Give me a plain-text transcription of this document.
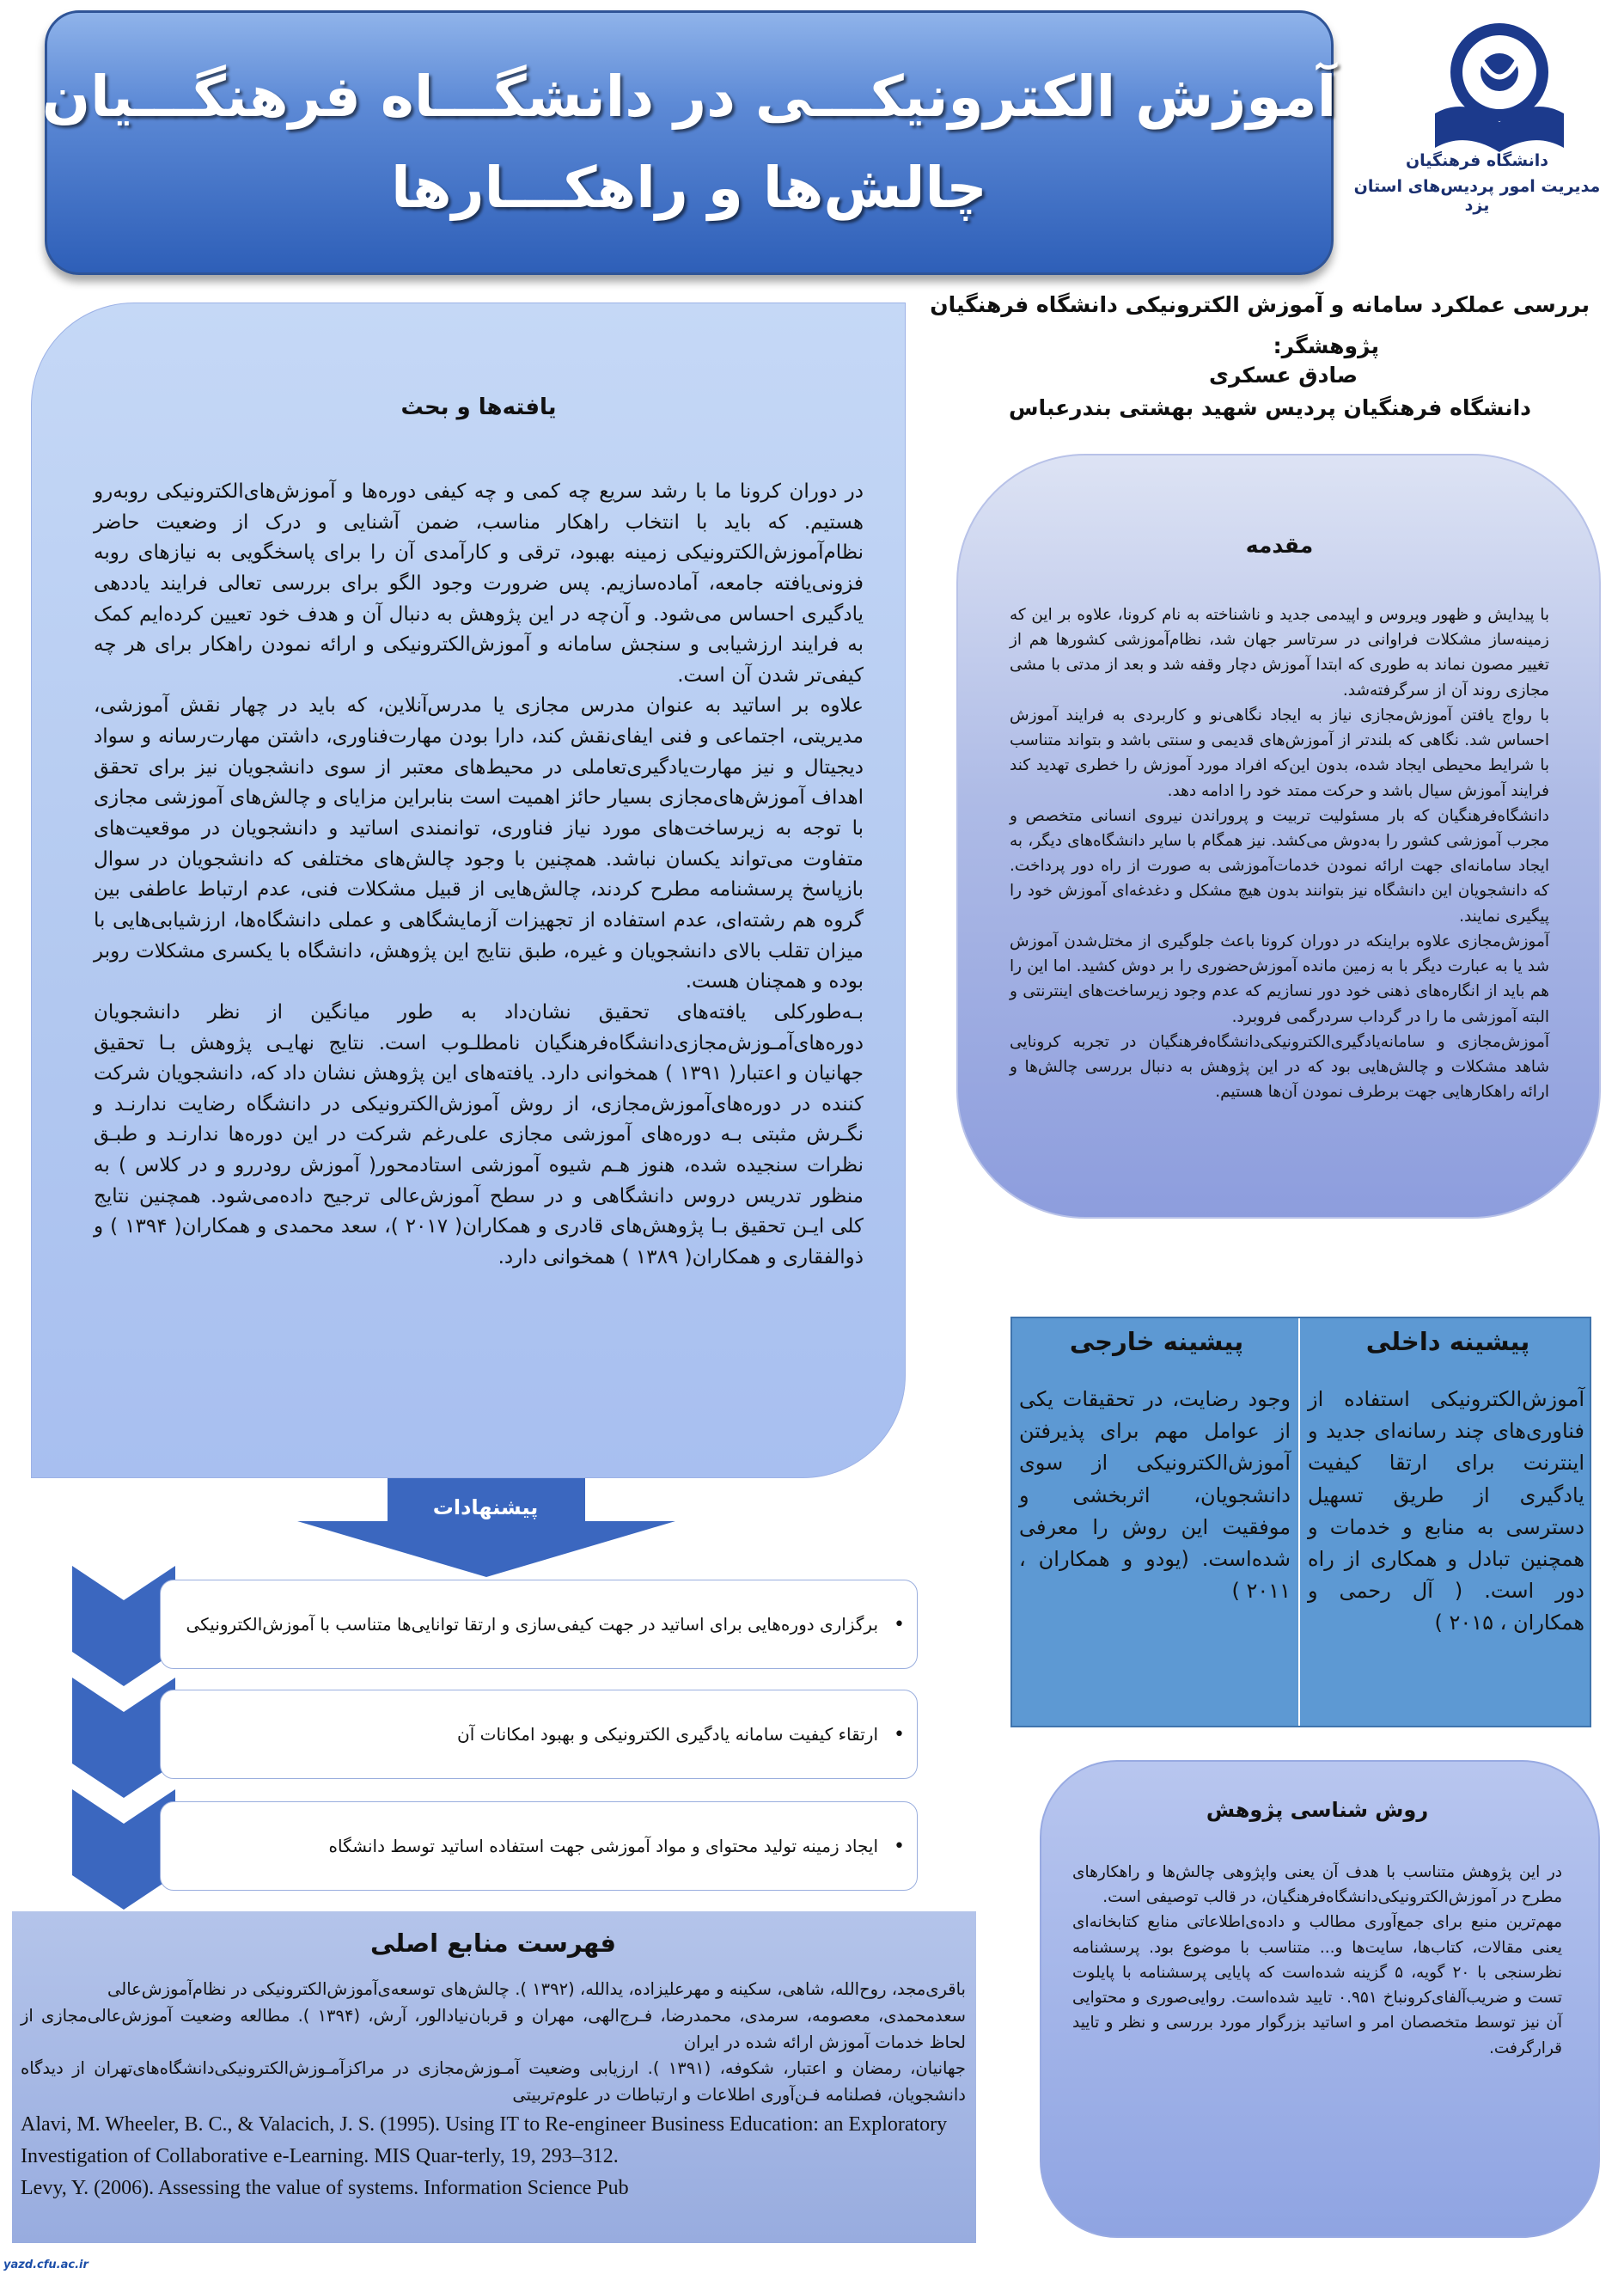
آموزش الکترونیکـــی در دانشگـــاه فرهنگـــیان
چالش‌ها و راهکـــارها	دانشگاه فرهنگیان
مدیریت امور پردیس‌های استان یزد
بررسی عملکرد سامانه و آموزش الکترونیکی دانشگاه فرهنگیان
پژوهشگر:
صادق عسکری
دانشگاه فرهنگیان پردیس شهید بهشتی بندرعباس
مقدمه

با پیدایش و ظهور ویروس و اپیدمی جدید و ناشناخته به نام کرونا، علاوه بر این که زمینه‌ساز مشکلات فراوانی در سرتاسر جهان شد، نظام‌آموزشی کشورها هم از تغییر مصون نماند به طوری که ابتدا آموزش دچار وقفه شد و بعد از مدتی با مشی مجازی روند آن از سرگرفته‌شد.

با رواج یافتن آموزش‌مجازی نیاز به ایجاد نگاهی‌نو و کاربردی به فرایند آموزش احساس شد. نگاهی که بلندتر از آموزش‌های قدیمی و سنتی باشد و بتواند متناسب با شرایط محیطی ایجاد شده، بدون این‌که افراد مورد آموزش را خطری تهدید کند فرایند آموزش سیال باشد و حرکت ممتد خود را ادامه دهد.

دانشگاه‌فرهنگیان که بار مسئولیت تربیت و پروراندن نیروی انسانی متخصص و مجرب آموزشی کشور را به‌دوش می‌کشد. نیز همگام با سایر دانشگاه‌های دیگر، به ایجاد سامانه‌ای جهت ارائه نمودن خدمات‌آموزشی به صورت از راه دور پرداخت. که دانشجویان این دانشگاه نیز بتوانند بدون هیچ مشکل و دغدغه‌ای آموزش خود را پیگیری نمایند.

آموزش‌مجازی علاوه براینکه در دوران کرونا باعث جلوگیری از مختل‌شدن آموزش شد یا به عبارت دیگر با به زمین مانده آموزش‌حضوری را بر دوش کشید. اما این را هم باید از انگاره‌های ذهنی خود دور نسازیم که عدم وجود زیرساخت‌های اینترنتی و البته آموزشی ما را در گرداب سردرگمی فروبرد.

آموزش‌مجازی و سامانه‌یادگیری‌الکترونیکی‌دانشگاه‌فرهنگیان در تجربه کرونایی شاهد مشکلات و چالش‌هایی بود که در این پژوهش به دنبال بررسی چالش‌ها و ارائه راهکارهایی جهت برطرف نمودن آن‌ها هستیم.

یافته‌ها و بحث

در دوران کرونا ما با رشد سریع چه کمی و چه کیفی دوره‌ها و آموزش‌های‌الکترونیکی روبه‌رو هستیم. که باید با انتخاب راهکار مناسب، ضمن آشنایی و درک از وضعیت حاضر نظام‌آموزش‌الکترونیکی زمینه بهبود، ترقی و کارآمدی آن را برای پاسخگویی به نیازهای روبه فزونی‌یافته جامعه، آماده‌سازیم. پس ضرورت وجود الگو برای بررسی تعالی فرایند یاددهی یادگیری احساس می‌شود. و آن‌چه در این پژوهش به دنبال آن و هدف خود تعیین کرده‌ایم کمک به فرایند ارزشیابی و سنجش سامانه و آموزش‌الکترونیکی و ارائه نمودن راهکار برای هر چه کیفی‌تر شدن آن است.

علاوه بر اساتید به عنوان مدرس مجازی یا مدرس‌آنلاین، که باید در چهار نقش آموزشی، مدیریتی، اجتماعی و فنی ایفای‌نقش کند، دارا بودن مهارت‌فناوری، داشتن مهارت‌رسانه و سواد دیجیتال و نیز مهارت‌یادگیری‌تعاملی در محیط‌های معتبر از سوی دانشجویان نیز برای تحقق اهداف آموزش‌های‌مجازی بسیار حائز اهمیت است بنابراین مزایای و چالش‌های آموزشی مجازی با توجه به زیرساخت‌های مورد نیاز فناوری، توانمندی اساتید و دانشجویان در موقعیت‌های متفاوت می‌تواند یکسان نباشد. همچنین با وجود چالش‌های مختلفی که دانشجویان در سوال بازپاسخ پرسشنامه مطرح کردند، چالش‌هایی از قبیل مشکلات فنی، عدم ارتباط عاطفی بین گروه هم رشته‌ای، عدم استفاده از تجهیزات آزمایشگاهی و عملی دانشگاه‌ها، ارزشیابی‌هایی با میزان تقلب بالای دانشجویان و غیره، طبق نتایج این پژوهش، دانشگاه با یکسری مشکلات روبر بوده و همچنان هست.

بـه‌طورکلی یافته‌های تحقیق نشان‌داد به طور میانگین از نظر دانشجویان دوره‌های‌آمـوزش‌مجازی‌دانشگاه‌فرهنگیان نامطلـوب است. نتایج نهایـی پژوهش بـا تحقیق جهانیان و اعتبار( ۱۳۹۱ ) همخوانی دارد. یافته‌های این پژوهش نشان داد که، دانشجویان شرکت کننده در دوره‌های‌آموزش‌مجازی، از روش آموزش‌الکترونیکی در دانشگاه رضایت ندارنـد و نگـرش مثبتی بـه دوره‌های آموزشی مجازی علی‌رغم شرکت در این دوره‌ها ندارنـد و طبـق نظرات سنجیده شده، هنوز هـم شیوه آموزشی استادمحور( آموزش رودررو و در کلاس ) به منظور تدریس دروس دانشگاهی و در سطح آموزش‌عالی ترجیح داده‌می‌شود. همچنین نتایج کلی ایـن تحقیق بـا پژوهش‌های قادری و همکاران( ۲۰۱۷ )، سعد محمدی و همکاران( ۱۳۹۴ ) و ذوالفقاری و همکاران( ۱۳۸۹ ) همخوانی دارد.

پیشنهادات
•
برگزاری دوره‌هایی برای اساتید در جهت کیفی‌سازی و ارتقا توانایی‌ها متناسب با آموزش‌الکترونیکی
•
ارتقاء کیفیت سامانه یادگیری الکترونیکی و بهبود امکانات آن
•
ایجاد زمینه تولید محتوای و مواد آموزشی جهت استفاده اساتید توسط دانشگاه
فهرست منابع اصلی

باقری‌مجد، روح‌الله، شاهی، سکینه و مهرعلیزاده، یدالله، (۱۳۹۲ ). چالش‌های توسعه‌ی‌آموزش‌الکترونیکی در نظام‌آموزش‌عالی

سعدمحمدی، معصومه، سرمدی، محمدرضا، فـرج‌الهی، مهران و قربان‌نیادالور، آرش، (۱۳۹۴ ). مطالعه وضعیت آموزش‌عالی‌مجازی از لحاظ خدمات آموزش ارائه شده در ایران

جهانیان، رمضان و اعتبار، شکوفه، (۱۳۹۱ ). ارزیابی وضعیت آمـوزش‌مجازی در مراکزآمـوزش‌الکترونیکی‌دانشگاه‌های‌تهران از دیدگاه دانشجویان، فصلنامه فـن‌آوری اطلاعات و ارتباطات در علوم‌تربیتی

Alavi, M. Wheeler, B. C., & Valacich, J. S. (1995). Using IT to Re-engineer Business Education: an Exploratory Investigation of Collaborative e-Learning. MIS Quar-terly, 19, 293–312.

Levy, Y. (2006). Assessing the value of systems. Information Science Pub

پیشینه داخلی
پیشینه خارجی
آموزش‌الکترونیکی استفاده از فناوری‌های چند رسانه‌ای جدید و اینترنت برای ارتقا کیفیت یادگیری از طریق تسهیل دسترسی به منابع و خدمات و همچنین تبادل و همکاری از راه دور است. ( آل رحمی و همکاران ، ۲۰۱۵ )
وجود رضایت، در تحقیقات یکی از عوامل مهم برای پذیرفتن آموزش‌الکترونیکی از سوی دانشجویان، اثربخشی و موفقیت این روش را معرفی شده‌است. (یودو و همکاران ، ۲۰۱۱ )
روش شناسی پژوهش

در این پژوهش متناسب با هدف آن یعنی واپژوهی چالش‌ها و راهکارهای مطرح در آموزش‌الکترونیکی‌دانشگاه‌فرهنگیان، در قالب توصیفی است.

مهم‌ترین منبع برای جمع‌آوری مطالب و داده‌ی‌اطلاعاتی منابع کتابخانه‌ای یعنی مقالات، کتاب‌ها، سایت‌ها و... متناسب با موضوع بود. پرسشنامه نظرسنجی با ۲۰ گویه، ۵ گزینه شده‌است که پایایی پرسشنامه با پایلوت تست و ضریب‌آلفای‌کرونباخ ۰.۹۵۱ تایید شده‌است. روایی‌صوری و محتوایی آن نیز توسط متخصصان امر و اساتید بزرگوار مورد بررسی و نظر و تایید قرارگرفت.

yazd.cfu.ac.ir
